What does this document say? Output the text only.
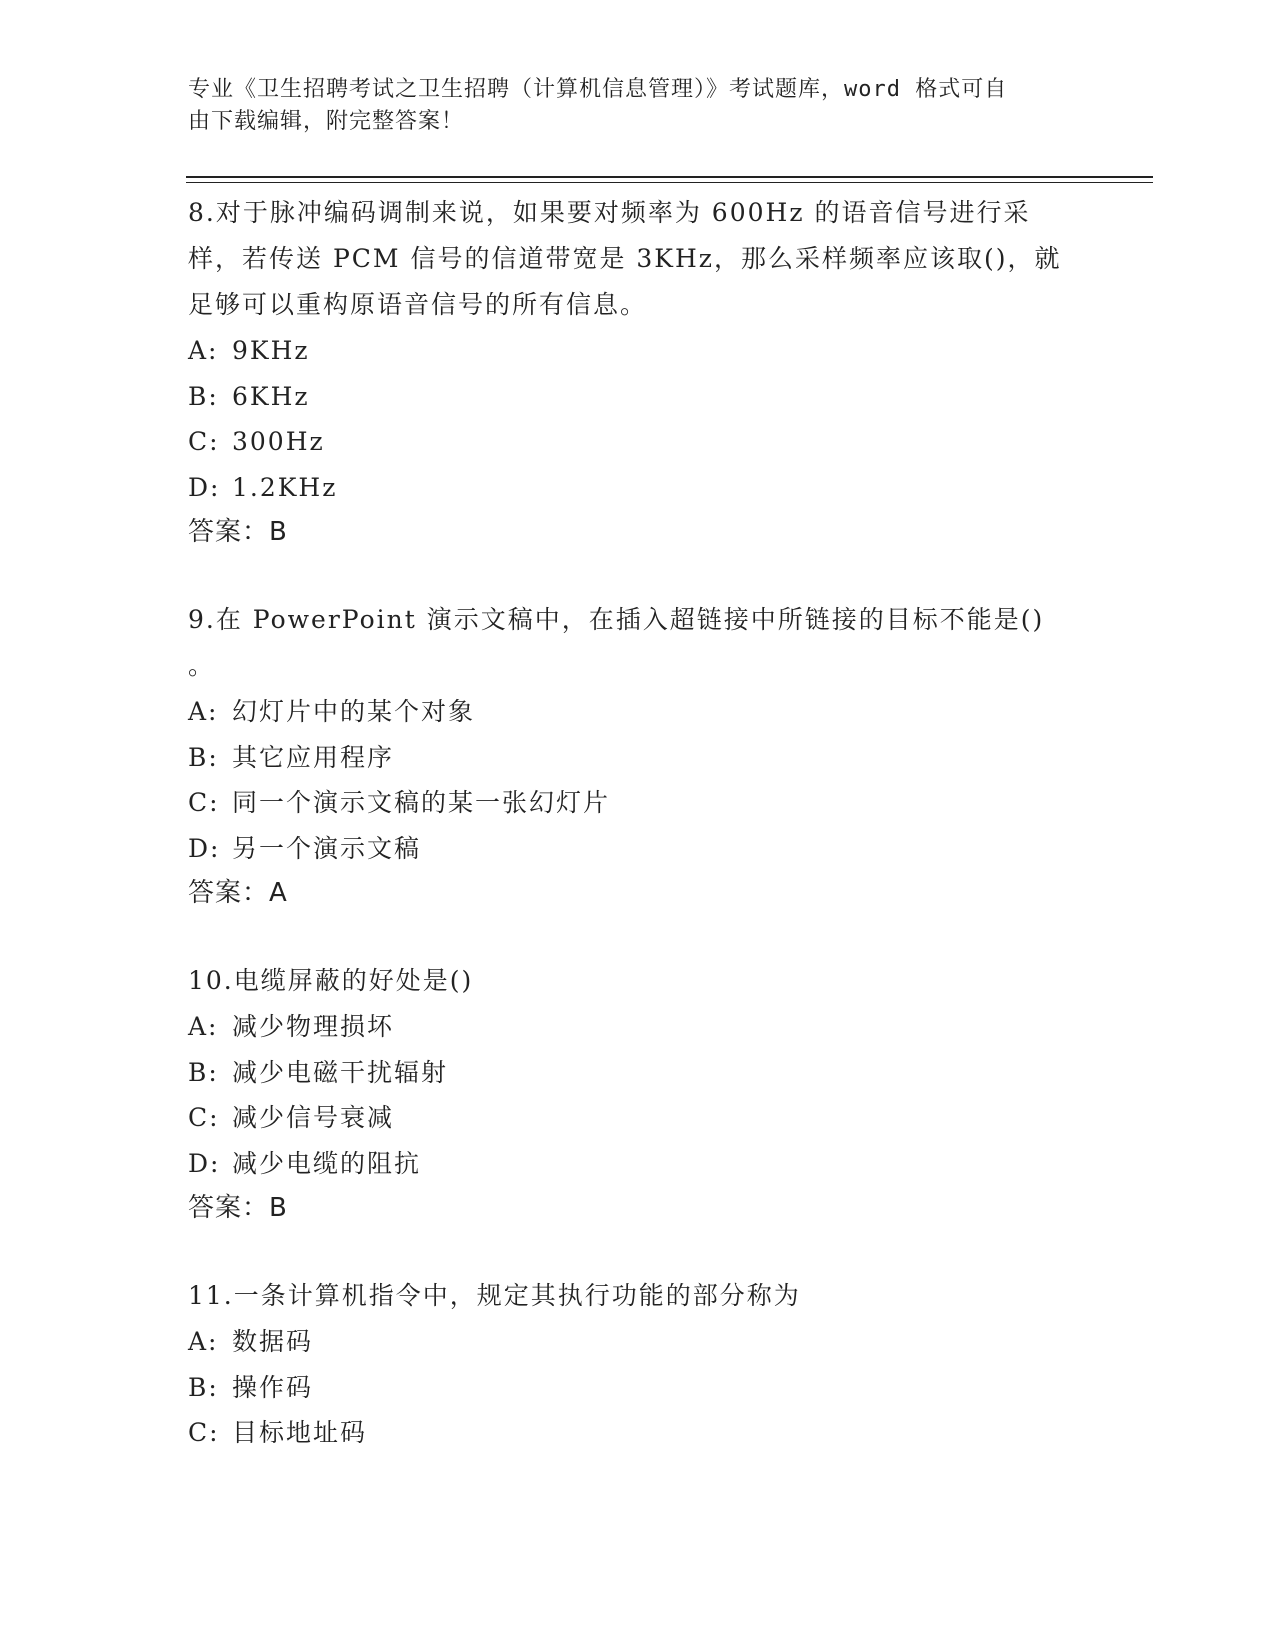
专业《卫生招聘考试之卫生招聘（计算机信息管理）》考试题库，word 格式可自
由下载编辑，附完整答案！

8.对于脉冲编码调制来说，如果要对频率为 600Hz 的语音信号进行采

样，若传送 PCM 信号的信道带宽是 3KHz，那么采样频率应该取()，就

足够可以重构原语音信号的所有信息。

A: 9KHz

B: 6KHz

C: 300Hz

D: 1.2KHz

答案：B

9.在 PowerPoint 演示文稿中，在插入超链接中所链接的目标不能是()

。

A: 幻灯片中的某个对象

B: 其它应用程序

C: 同一个演示文稿的某一张幻灯片

D: 另一个演示文稿

答案：A

10.电缆屏蔽的好处是()

A: 减少物理损坏

B: 减少电磁干扰辐射

C: 减少信号衰减

D: 减少电缆的阻抗

答案：B

11.一条计算机指令中，规定其执行功能的部分称为

A: 数据码

B: 操作码

C: 目标地址码
